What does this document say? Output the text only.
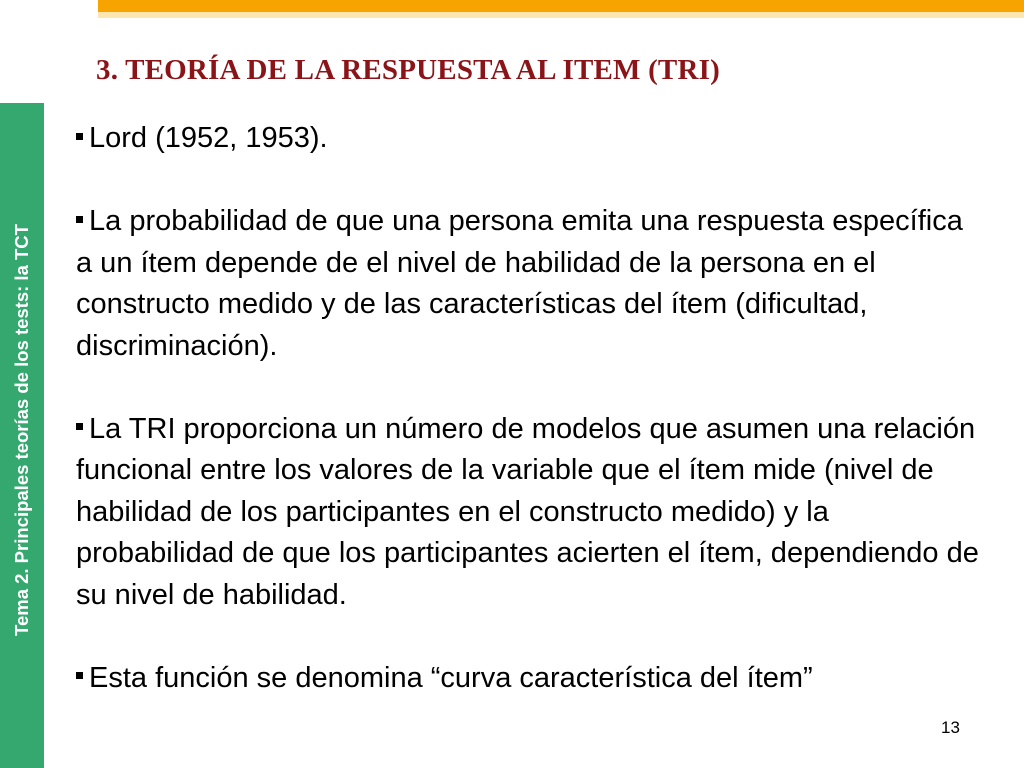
Tema 2. Principales teorías de los tests: la TCT
3. TEORÍA DE LA RESPUESTA AL ITEM (TRI)

Lord (1952, 1953).

La probabilidad de que una persona emita una respuesta específica a un ítem depende de el nivel de habilidad de la persona en el constructo medido y de las características del ítem (dificultad, discriminación).

La TRI proporciona un número de modelos que asumen una relación funcional entre los valores de la variable que el ítem mide (nivel de habilidad de los participantes en el constructo medido) y la probabilidad de que los participantes acierten el ítem, dependiendo de su nivel de habilidad.

Esta función se denomina “curva característica del ítem”

13
